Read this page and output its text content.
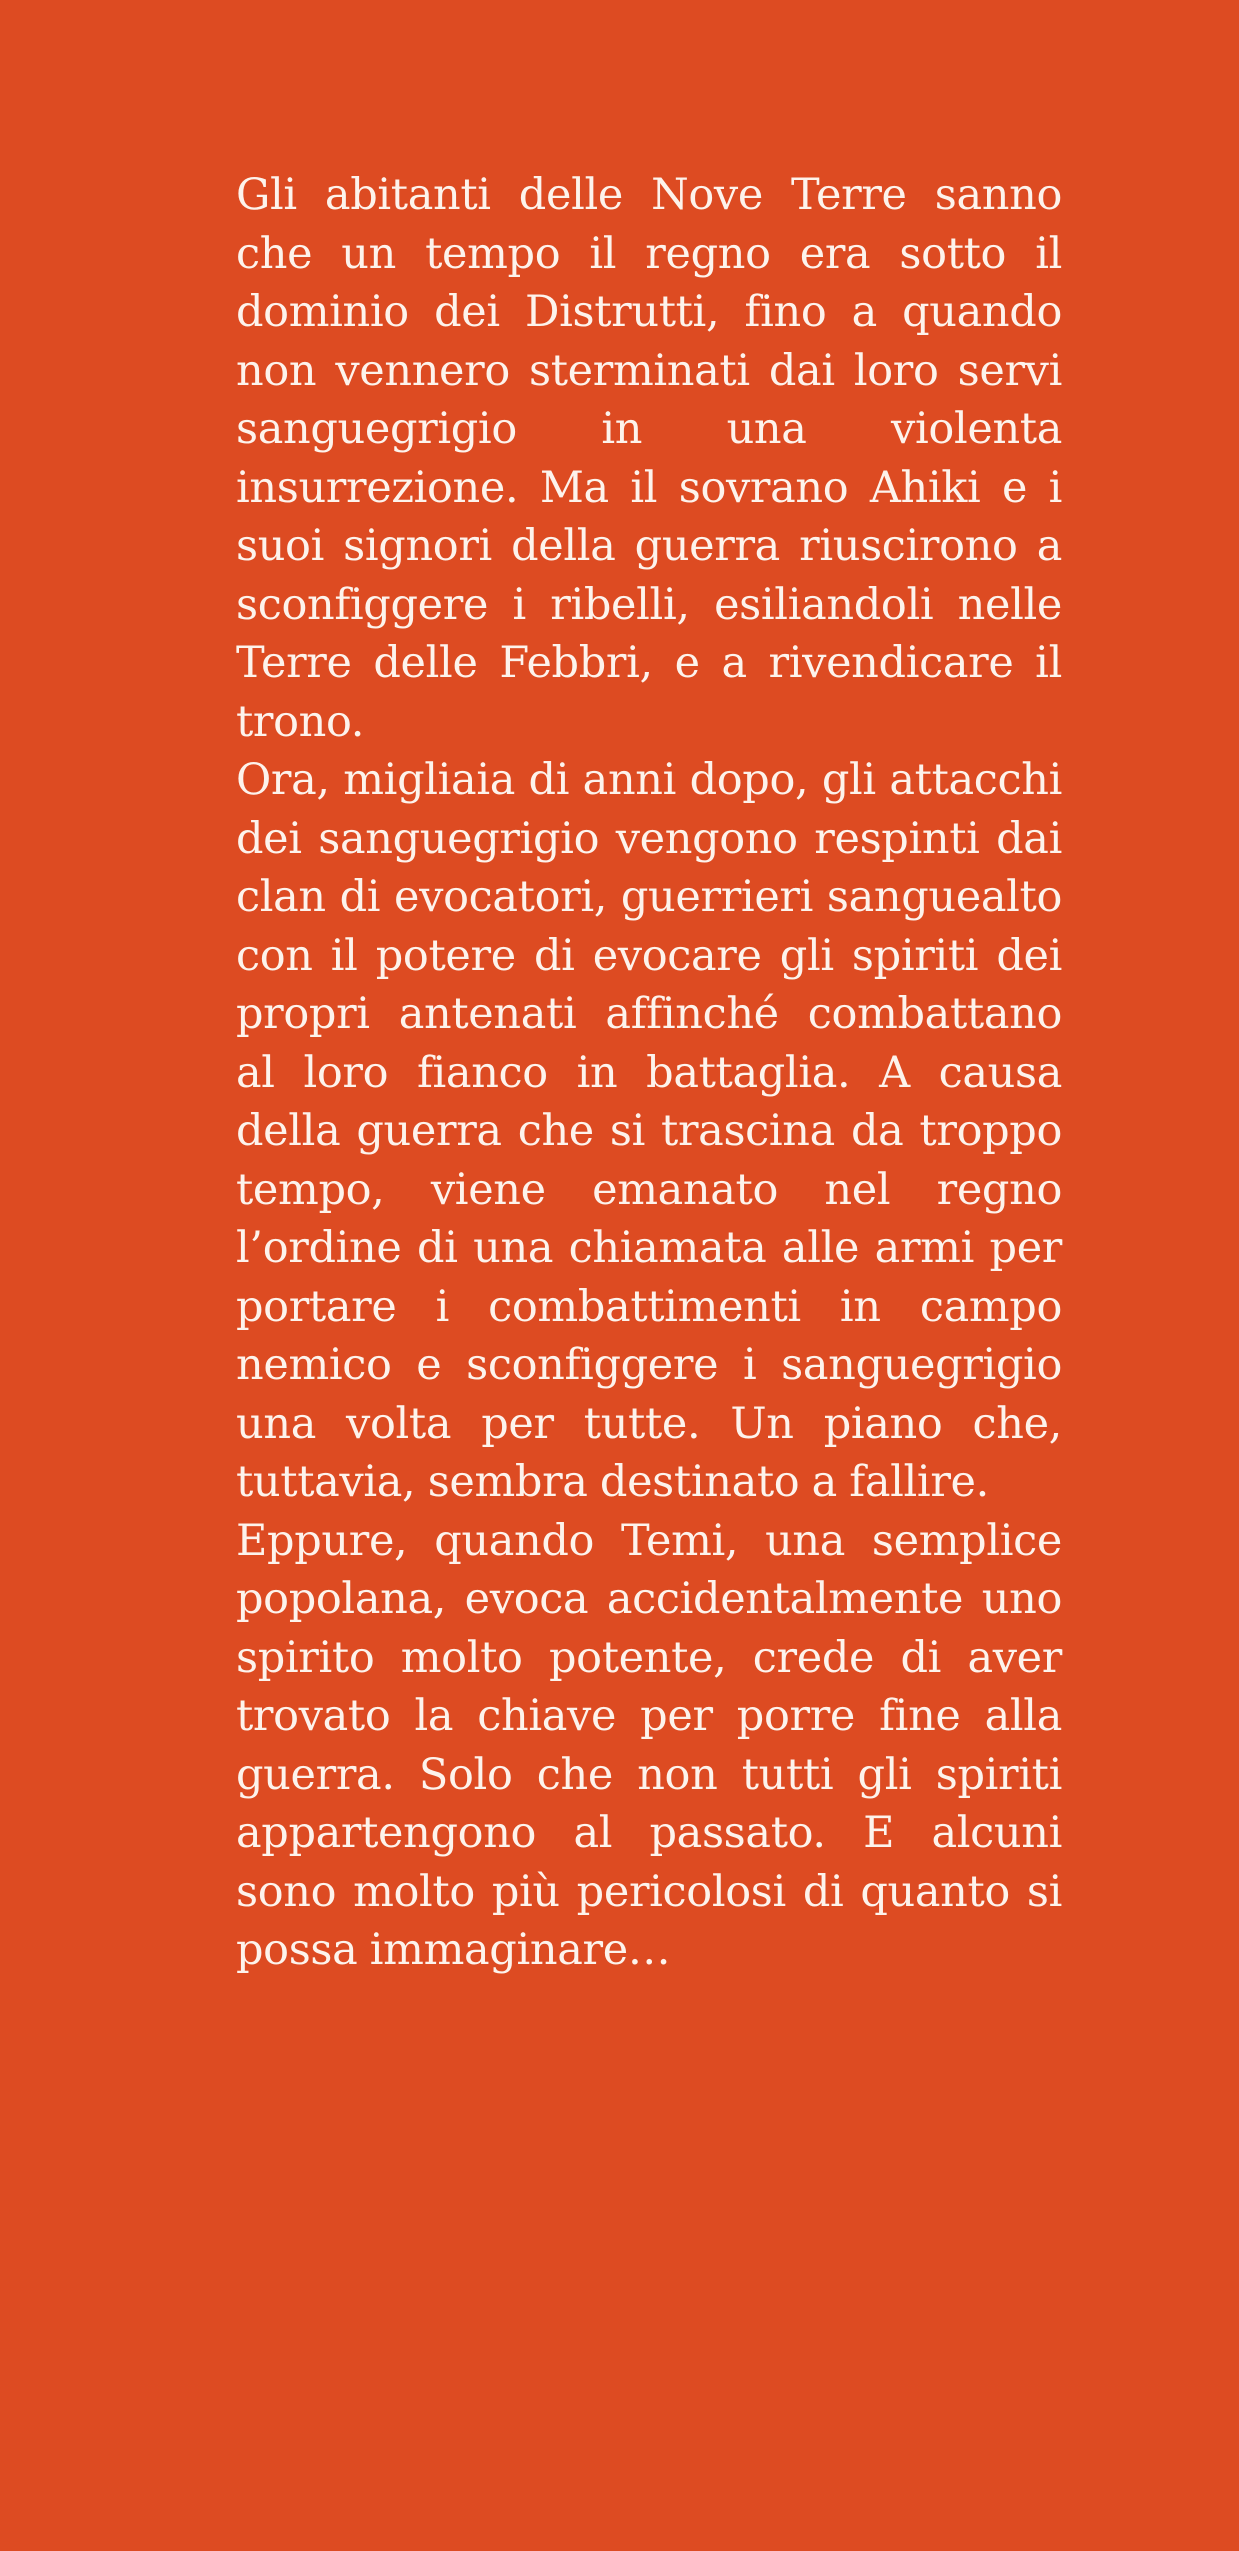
Gli abitanti delle Nove Terre sanno che un tempo il regno era sotto il dominio dei Distrutti, fino a quando non vennero sterminati dai loro servi sanguegrigio in una violenta insurrezione. Ma il sovrano Ahiki e i suoi signori della guerra riuscirono a sconfiggere i ribelli, esiliandoli nelle Terre delle Febbri, e a rivendicare il trono.

Ora, migliaia di anni dopo, gli attacchi dei sanguegrigio vengono respinti dai clan di evocatori, guerrieri sanguealto con il potere di evocare gli spiriti dei propri antenati affinché combattano al loro fianco in battaglia. A causa della guerra che si trascina da troppo tempo, viene emanato nel regno l’ordine di una chiamata alle armi per portare i combattimenti in campo nemico e sconfiggere i sanguegrigio una volta per tutte. Un piano che, tuttavia, sembra destinato a fallire.

Eppure, quando Temi, una semplice popolana, evoca accidentalmente uno spirito molto potente, crede di aver trovato la chiave per porre fine alla guerra. Solo che non tutti gli spiriti appartengono al passato. E alcuni sono molto più pericolosi di quanto si possa immaginare…
